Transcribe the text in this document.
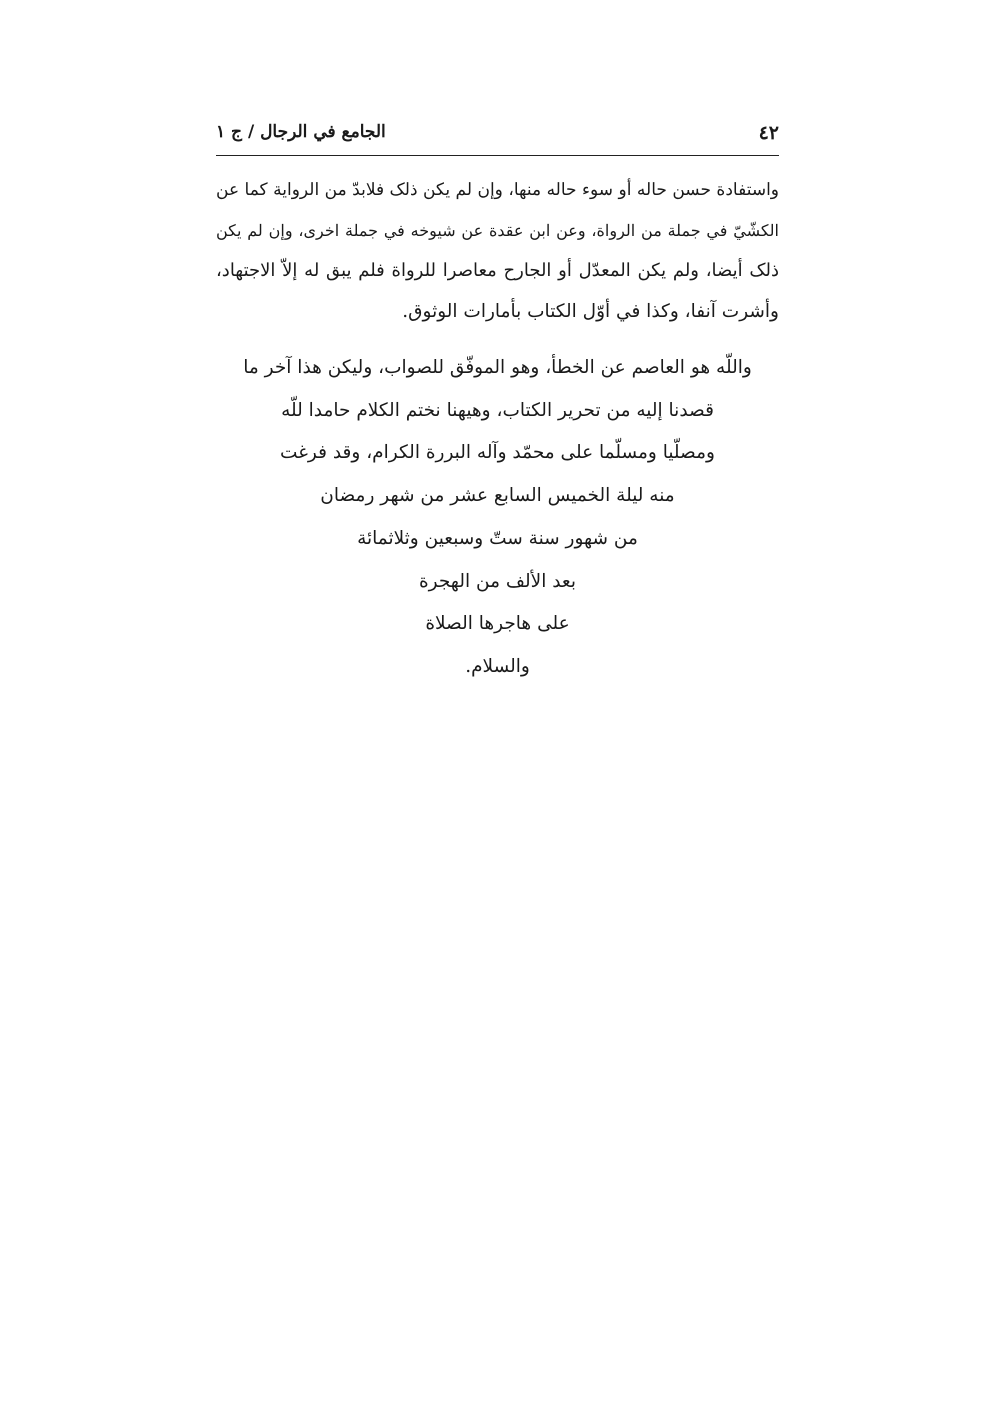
٤٢
الجامع في الرجال / ج ١

واستفادة حسن حاله أو سوء حاله منها، وإن لم يكن ذلک فلابدّ من الرواية كما عن
الكشّيّ في جملة من الرواة، وعن ابن عقدة عن شيوخه في جملة اخرى، وإن لم يكن
ذلک أيضا، ولم يكن المعدّل أو الجارح معاصرا للرواة فلم يبق له إلاّ الاجتهاد،
وأشرت آنفا، وكذا في أوّل الكتاب بأمارات الوثوق.

واللّه هو العاصم عن الخطأ، وهو الموفّق للصواب، وليكن هذا آخر ما
قصدنا إليه من تحرير الكتاب، وهيهنا نختم الكلام حامدا للّه
ومصلّيا ومسلّما على محمّد وآله البررة الكرام، وقد فرغت
منه ليلة الخميس السابع عشر من شهر رمضان
من شهور سنة ستّ وسبعين وثلاثمائة
بعد الألف من الهجرة
على هاجرها الصلاة
والسلام.
